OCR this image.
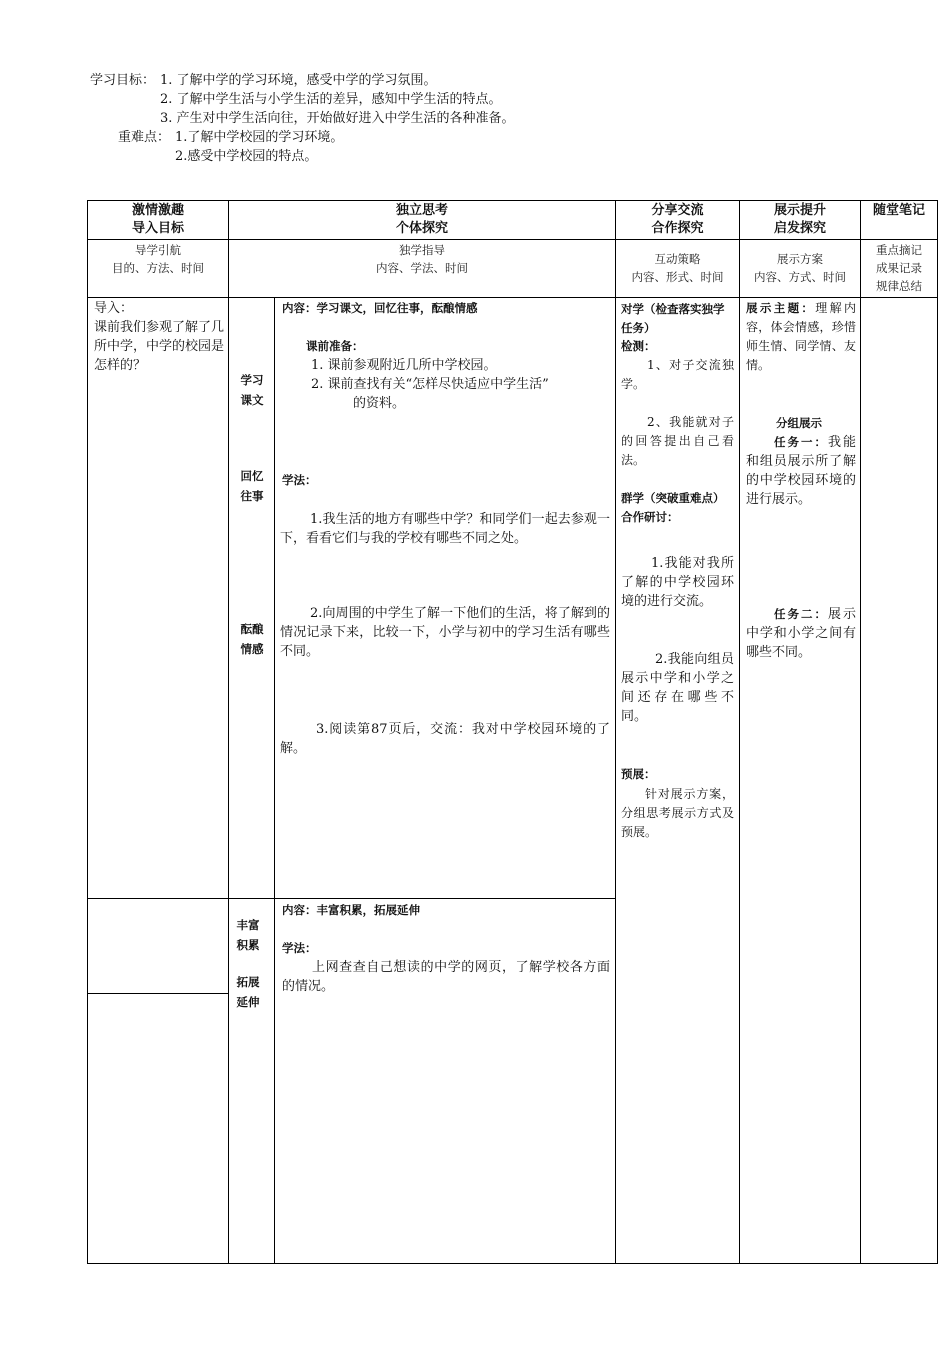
学习目标： 1. 了解中学的学习环境，感受中学的学习氛围。
2. 了解中学生活与小学生活的差异，感知中学生活的特点。
3. 产生对中学生活向往，开始做好进入中学生活的各种准备。
重难点： 1.了解中学校园的学习环境。
2.感受中学校园的特点。
激情激趣
导入目标
独立思考
个体探究
分享交流
合作探究
展示提升
启发探究
随堂笔记
导学引航
目的、方法、时间
独学指导
内容、学法、时间
互动策略
内容、形式、时间
展示方案
内容、方式、时间
重点摘记
成果记录
规律总结
导入：
课前我们参观了解了几所中学，中学的校园是怎样的？
学习
课文
回忆
往事
酝酿
情感
丰富
积累
拓展
延伸
内容：学习课文，回忆往事，酝酿情感
课前准备：
1. 课前参观附近几所中学校园。
2. 课前查找有关“怎样尽快适应中学生活”
的资料。
学法：
1.我生活的地方有哪些中学？和同学们一起去参观一下，看看它们与我的学校有哪些不同之处。
2.向周围的中学生了解一下他们的生活，将了解到的情况记录下来，比较一下，小学与初中的学习生活有哪些不同。
3.阅读第87页后，交流：我对中学校园环境的了解。
内容：丰富积累，拓展延伸
学法：
上网查查自己想读的中学的网页，了解学校各方面的情况。
对学（检查落实独学
任务）
检测：
1、对子交流独学。
2、我能就对子的回答提出自己看法。
群学（突破重难点）
合作研讨：
1.我能对我所了解的中学校园环境的进行交流。
2.我能向组员展示中学和小学之间还存在哪些不同。
预展：
针对展示方案，分组思考展示方式及预展。
展示主题：理解内容，体会情感，珍惜师生情、同学情、友情。
分组展示
任务一：我能和组员展示所了解的中学校园环境的进行展示。
任务二：展示中学和小学之间有哪些不同。
